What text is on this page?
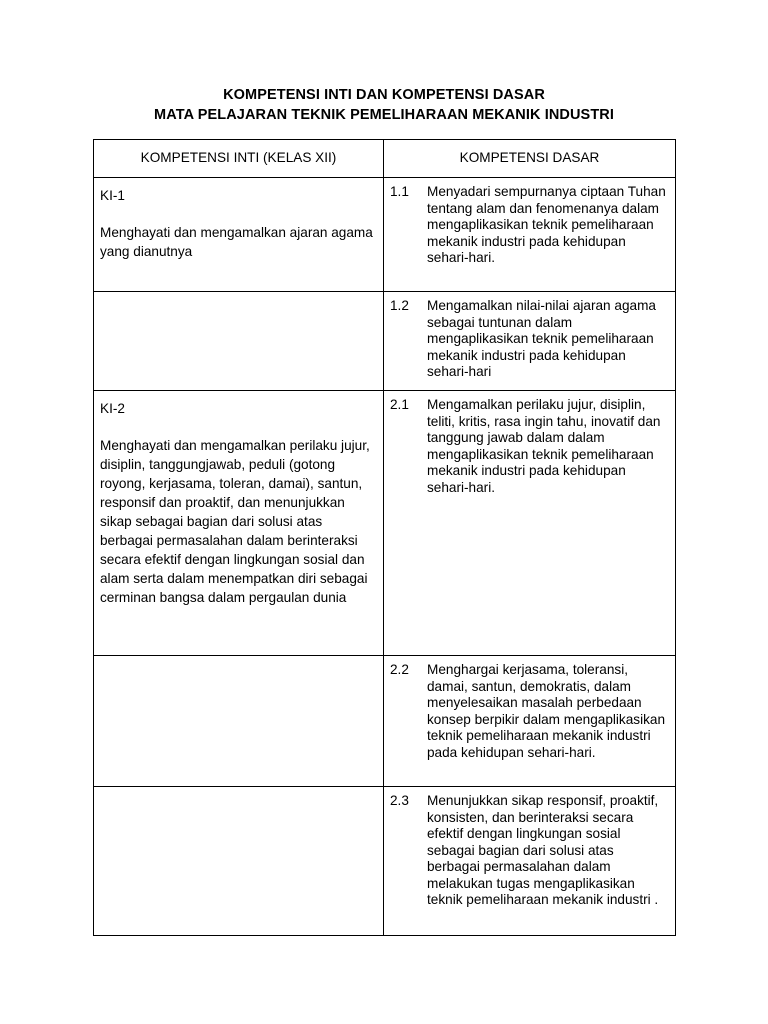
KOMPETENSI INTI DAN KOMPETENSI DASAR
MATA PELAJARAN TEKNIK PEMELIHARAAN MEKANIK INDUSTRI
KOMPETENSI INTI (KELAS XII)	KOMPETENSI DASAR

KI-1
Menghayati dan mengamalkan ajaran agama yang dianutnya	1.1 Menyadari sempurnanya ciptaan Tuhan tentang alam dan fenomenanya dalam mengaplikasikan teknik pemeliharaan mekanik industri pada kehidupan sehari-hari.

	1.2 Mengamalkan nilai-nilai ajaran agama sebagai tuntunan dalam mengaplikasikan teknik pemeliharaan mekanik industri pada kehidupan sehari-hari

KI-2
Menghayati dan mengamalkan perilaku jujur, disiplin, tanggungjawab, peduli (gotong royong, kerjasama, toleran, damai), santun, responsif dan proaktif, dan menunjukkan sikap sebagai bagian dari solusi atas berbagai permasalahan dalam berinteraksi secara efektif dengan lingkungan sosial dan alam serta dalam menempatkan diri sebagai cerminan bangsa dalam pergaulan dunia	2.1 Mengamalkan perilaku jujur, disiplin, teliti, kritis, rasa ingin tahu, inovatif dan tanggung jawab dalam dalam mengaplikasikan teknik pemeliharaan mekanik industri pada kehidupan sehari-hari.

	2.2 Menghargai kerjasama, toleransi, damai, santun, demokratis, dalam menyelesaikan masalah perbedaan konsep berpikir dalam mengaplikasikan teknik pemeliharaan mekanik industri pada kehidupan sehari-hari.

	2.3 Menunjukkan sikap responsif, proaktif, konsisten, dan berinteraksi secara efektif dengan lingkungan sosial sebagai bagian dari solusi atas berbagai permasalahan dalam melakukan tugas mengaplikasikan teknik pemeliharaan mekanik industri .
